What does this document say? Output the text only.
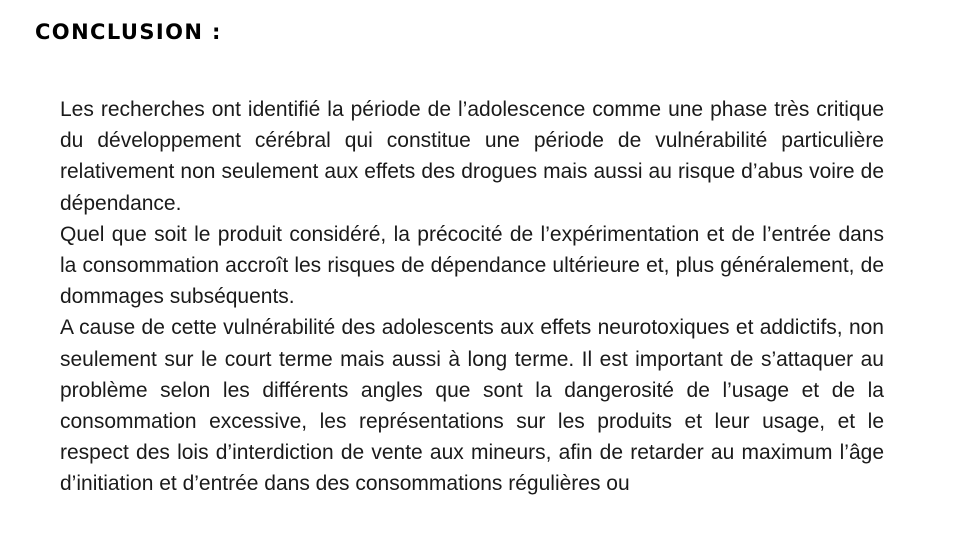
CONCLUSION :

Les recherches ont identifié la période de l’adolescence comme une phase très critique du développement cérébral qui constitue une période de vulnérabilité particulière relativement non seulement aux effets des drogues mais aussi au risque d’abus voire de dépendance.

Quel que soit le produit considéré, la précocité de l’expérimentation et de l’entrée dans la consommation accroît les risques de dépendance ultérieure et, plus généralement, de dommages subséquents.

A cause de cette vulnérabilité des adolescents aux effets neurotoxiques et addictifs, non seulement sur le court terme mais aussi à long terme. Il est important de s’attaquer au problème selon les différents angles que sont la dangerosité de l’usage et de la consommation excessive, les représentations sur les produits et leur usage, et le respect des lois d’interdiction de vente aux mineurs, afin de retarder au maximum l’âge d’initiation et d’entrée dans des consommations régulières ou
